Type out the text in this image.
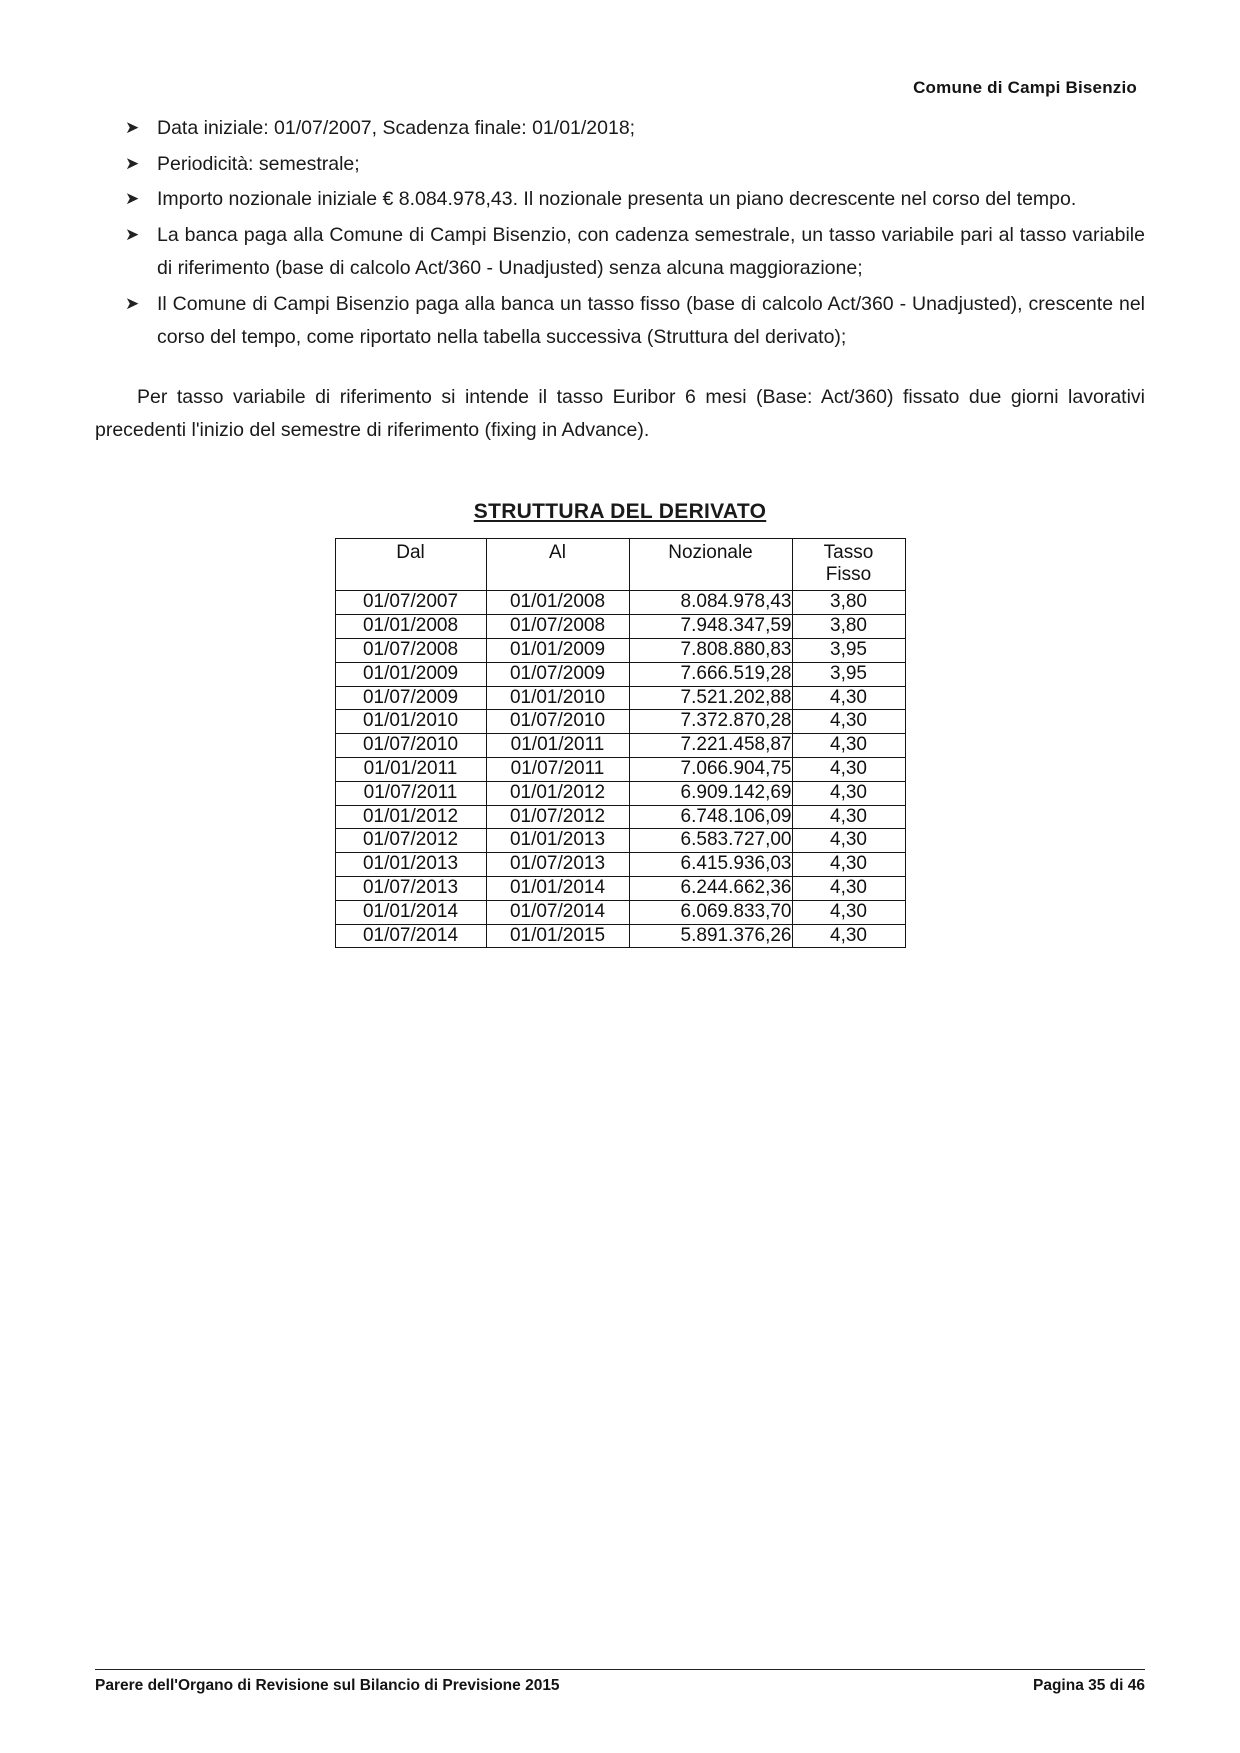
Comune di Campi Bisenzio
➤ Data iniziale: 01/07/2007, Scadenza finale: 01/01/2018;
➤ Periodicità: semestrale;
➤ Importo nozionale iniziale € 8.084.978,43. Il nozionale presenta un piano decrescente nel corso del tempo.
➤ La banca paga alla Comune di Campi Bisenzio, con cadenza semestrale, un tasso variabile pari al tasso variabile di riferimento (base di calcolo Act/360 - Unadjusted) senza alcuna maggiorazione;
➤ Il Comune di Campi Bisenzio paga alla banca un tasso fisso (base di calcolo Act/360 - Unadjusted), crescente nel corso del tempo, come riportato nella tabella successiva (Struttura del derivato);

Per tasso variabile di riferimento si intende il tasso Euribor 6 mesi (Base: Act/360) fissato due giorni lavorativi precedenti l'inizio del semestre di riferimento (fixing in Advance).

STRUTTURA DEL DERIVATO
Dal	Al	Nozionale	Tasso
Fisso

01/07/2007	01/01/2008	8.084.978,43	3,80
01/01/2008	01/07/2008	7.948.347,59	3,80
01/07/2008	01/01/2009	7.808.880,83	3,95
01/01/2009	01/07/2009	7.666.519,28	3,95
01/07/2009	01/01/2010	7.521.202,88	4,30
01/01/2010	01/07/2010	7.372.870,28	4,30
01/07/2010	01/01/2011	7.221.458,87	4,30
01/01/2011	01/07/2011	7.066.904,75	4,30
01/07/2011	01/01/2012	6.909.142,69	4,30
01/01/2012	01/07/2012	6.748.106,09	4,30
01/07/2012	01/01/2013	6.583.727,00	4,30
01/01/2013	01/07/2013	6.415.936,03	4,30
01/07/2013	01/01/2014	6.244.662,36	4,30
01/01/2014	01/07/2014	6.069.833,70	4,30
01/07/2014	01/01/2015	5.891.376,26	4,30
Parere dell'Organo di Revisione sul Bilancio di Previsione 2015	Pagina 35 di 46
